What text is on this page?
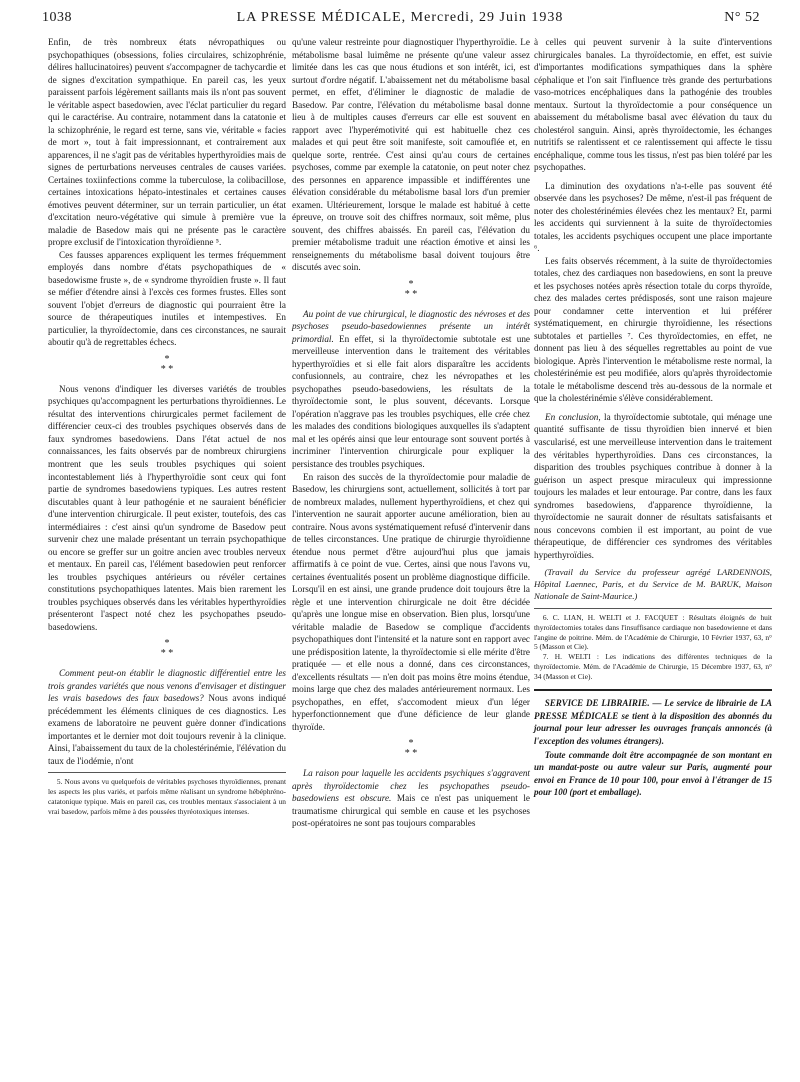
1038	LA PRESSE MÉDICALE, Mercredi, 29 Juin 1938	N° 52

Enfin, de très nombreux états névropathiques ou psychopathiques (obsessions, folies circulaires, schizophrénie, délires hallucinatoires) peuvent s'accompagner de tachycardie et de signes d'excitation sympathique. En pareil cas, les yeux paraissent parfois légèrement saillants mais ils n'ont pas souvent le véritable aspect basedowien, avec l'éclat particulier du regard qui le caractérise. Au contraire, notamment dans la catatonie et la schizophrénie, le regard est terne, sans vie, véritable « facies de mort », tout à fait impressionnant, et contrairement aux apparences, il ne s'agit pas de véritables hyperthyroïdies mais de signes de perturbations nerveuses centrales de causes variées. Certaines toxiinfections comme la tuberculose, la colibacillose, certaines intoxications hépato-intestinales et certaines causes émotives peuvent déterminer, sur un terrain particulier, un état d'excitation neuro-végétative qui simule à première vue la maladie de Basedow mais qui ne présente pas le caractère propre exclusif de l'intoxication thyroïdienne ⁵.

Ces fausses apparences expliquent les termes fréquemment employés dans nombre d'états psychopathiques de « basedowisme fruste », de « syndrome thyroïdien fruste ». Il faut se méfier d'étendre ainsi à l'excès ces formes frustes. Elles sont souvent l'objet d'erreurs de diagnostic qui pourraient être la source de thérapeutiques inutiles et intempestives. En particulier, la thyroïdectomie, dans ces circonstances, ne saurait aboutir qu'à de regrettables échecs.

*
* *

Nous venons d'indiquer les diverses variétés de troubles psychiques qu'accompagnent les perturbations thyroïdiennes. Le résultat des interventions chirurgicales permet facilement de différencier ceux-ci des troubles psychiques observés dans de faux syndromes basedowiens. Dans l'état actuel de nos connaissances, les faits observés par de nombreux chirurgiens montrent que les seuls troubles psychiques qui soient incontestablement liés à l'hyperthyroïdie sont ceux qui font partie de syndromes basedowiens typiques. Les autres restent discutables quant à leur pathogénie et ne sauraient bénéficier d'une intervention chirurgicale. Il peut exister, toutefois, des cas intermédiaires : c'est ainsi qu'un syndrome de Basedow peut survenir chez une malade présentant un terrain psychopathique ou encore se greffer sur un goitre ancien avec troubles nerveux et mentaux. En pareil cas, l'élément basedowien peut renforcer les troubles psychiques antérieurs ou révéler certaines constitutions psychopathiques latentes. Mais bien rarement les troubles psychiques observés dans les véritables hyperthyroïdies présenteront l'aspect noté chez les psychopathes pseudo-basedowiens.

*
* *

Comment peut-on établir le diagnostic différentiel entre les trois grandes variétés que nous venons d'envisager et distinguer les vrais basedows des faux basedows? Nous avons indiqué précédemment les éléments cliniques de ces diagnostics. Les examens de laboratoire ne peuvent guère donner d'indications importantes et le dernier mot doit toujours revenir à la clinique. Ainsi, l'abaissement du taux de la cholestérinémie, l'élévation du taux de l'iodémie, n'ont

5. Nous avons vu quelquefois de véritables psychoses thyroïdiennes, prenant les aspects les plus variés, et parfois même réalisant un syndrome hébéphréno-catatonique typique. Mais en pareil cas, ces troubles mentaux s'associaient à un vrai basedow, parfois même à des poussées thyréotoxiques intenses.

qu'une valeur restreinte pour diagnostiquer l'hyperthyroïdie. Le métabolisme basal luimême ne présente qu'une valeur assez limitée dans les cas que nous étudions et son intérêt, ici, est surtout d'ordre négatif. L'abaissement net du métabolisme basal permet, en effet, d'éliminer le diagnostic de maladie de Basedow. Par contre, l'élévation du métabolisme basal donne lieu à de multiples causes d'erreurs car elle est souvent en rapport avec l'hyperémotivité qui est habituelle chez ces malades et qui peut être soit manifeste, soit camouflée et, en quelque sorte, rentrée. C'est ainsi qu'au cours de certaines psychoses, comme par exemple la catatonie, on peut noter chez des personnes en apparence impassible et indifférentes une élévation considérable du métabolisme basal lors d'un premier examen. Ultérieurement, lorsque le malade est habitué à cette épreuve, on trouve soit des chiffres normaux, soit même, plus souvent, des chiffres abaissés. En pareil cas, l'élévation du premier métabolisme traduit une réaction émotive et ainsi les renseignements du métabolisme basal doivent toujours être discutés avec soin.

*
* *

Au point de vue chirurgical, le diagnostic des névroses et des psychoses pseudo-basedowiennes présente un intérêt primordial. En effet, si la thyroïdectomie subtotale est une merveilleuse intervention dans le traitement des véritables hyperthyroïdies et si elle fait alors disparaître les accidents confusionnels, au contraire, chez les névropathes et les psychopathes pseudo-basedowiens, les résultats de la thyroïdectomie sont, le plus souvent, décevants. Lorsque l'opération n'aggrave pas les troubles psychiques, elle crée chez les malades des conditions biologiques auxquelles ils s'adaptent mal et les opérés ainsi que leur entourage sont souvent portés à incriminer l'intervention chirurgicale pour expliquer la persistance des troubles psychiques.

En raison des succès de la thyroïdectomie pour maladie de Basedow, les chirurgiens sont, actuellement, sollicités à tort par de nombreux malades, nullement hyperthyroïdiens, et chez qui l'intervention ne saurait apporter aucune amélioration, bien au contraire. Nous avons systématiquement refusé d'intervenir dans de telles circonstances. Une pratique de chirurgie thyroïdienne étendue nous permet d'être aujourd'hui plus que jamais affirmatifs à ce point de vue. Certes, ainsi que nous l'avons vu, certaines éventualités posent un problème diagnostique difficile. Lorsqu'il en est ainsi, une grande prudence doit toujours être la règle et une intervention chirurgicale ne doit être décidée qu'après une longue mise en observation. Bien plus, lorsqu'une véritable maladie de Basedow se complique d'accidents psychopathiques dont l'intensité et la nature sont en rapport avec une prédisposition latente, la thyroïdectomie si elle mérite d'être pratiquée — et elle nous a donné, dans ces circonstances, d'excellents résultats — n'en doit pas moins être moins étendue, moins large que chez des malades antérieurement normaux. Les psychopathes, en effet, s'accomodent mieux d'un léger hyperfonctionnement que d'une déficience de leur glande thyroïde.

*
* *

La raison pour laquelle les accidents psychiques s'aggravent après thyroïdectomie chez les psychopathes pseudo-basedowiens est obscure. Mais ce n'est pas uniquement le traumatisme chirurgical qui semble en cause et les psychoses post-opératoires ne sont pas toujours comparables

à celles qui peuvent survenir à la suite d'interventions chirurgicales banales. La thyroïdectomie, en effet, est suivie d'importantes modifications sympathiques dans la sphère céphalique et l'on sait l'influence très grande des perturbations vaso-motrices encéphaliques dans la pathogénie des troubles mentaux. Surtout la thyroïdectomie a pour conséquence un abaissement du métabolisme basal avec élévation du taux du cholestérol sanguin. Ainsi, après thyroïdectomie, les échanges nutritifs se ralentissent et ce ralentissement qui affecte le tissu encéphalique, comme tous les tissus, n'est pas bien toléré par les psychopathes.

La diminution des oxydations n'a-t-elle pas souvent été observée dans les psychoses? De même, n'est-il pas fréquent de noter des cholestérinémies élevées chez les mentaux? Et, parmi les accidents qui surviennent à la suite de thyroïdectomies totales, les accidents psychiques occupent une place importante ⁶.

Les faits observés récemment, à la suite de thyroïdectomies totales, chez des cardiaques non basedowiens, en sont la preuve et les psychoses notées après résection totale du corps thyroïde, chez des malades certes prédisposés, sont une raison majeure pour condamner cette intervention et lui préférer systématiquement, en chirurgie thyroïdienne, les résections subtotales et partielles ⁷. Ces thyroïdectomies, en effet, ne donnent pas lieu à des séquelles regrettables au point de vue biologique. Après l'intervention le métabolisme reste normal, la cholestérinémie est peu modifiée, alors qu'après thyroïdectomie totale le métabolisme descend très au-dessous de la normale et que la cholestérinémie s'élève considérablement.

En conclusion, la thyroïdectomie subtotale, qui ménage une quantité suffisante de tissu thyroïdien bien innervé et bien vascularisé, est une merveilleuse intervention dans le traitement des véritables hyperthyroïdies. Dans ces circonstances, la disparition des troubles psychiques contribue à donner à la guérison un aspect presque miraculeux qui impressionne toujours les malades et leur entourage. Par contre, dans les faux syndromes basedowiens, d'apparence thyroïdienne, la thyroïdectomie ne saurait donner de résultats satisfaisants et nous concevons combien il est important, au point de vue thérapeutique, de différencier ces syndromes des véritables hyperthyroïdies.

(Travail du Service du professeur agrégé LARDENNOIS, Hôpital Laennec, Paris, et du Service de M. BARUK, Maison Nationale de Saint-Maurice.)

6. C. LIAN, H. WELTI et J. FACQUET : Résultats éloignés de huit thyroïdectomies totales dans l'insuffisance cardiaque non basedowienne et dans l'angine de poitrine. Mém. de l'Académie de Chirurgie, 10 Février 1937, 63, n° 5 (Masson et Cie).

7. H. WELTI : Les indications des différentes techniques de la thyroïdectomie. Mém. de l'Académie de Chirurgie, 15 Décembre 1937, 63, n° 34 (Masson et Cie).

SERVICE DE LIBRAIRIE. — Le service de librairie de LA PRESSE MÉDICALE se tient à la disposition des abonnés du journal pour leur adresser les ouvrages français annoncés (à l'exception des volumes étrangers).

Toute commande doit être accompagnée de son montant en un mandat-poste ou autre valeur sur Paris, augmenté pour envoi en France de 10 pour 100, pour envoi à l'étranger de 15 pour 100 (port et emballage).
